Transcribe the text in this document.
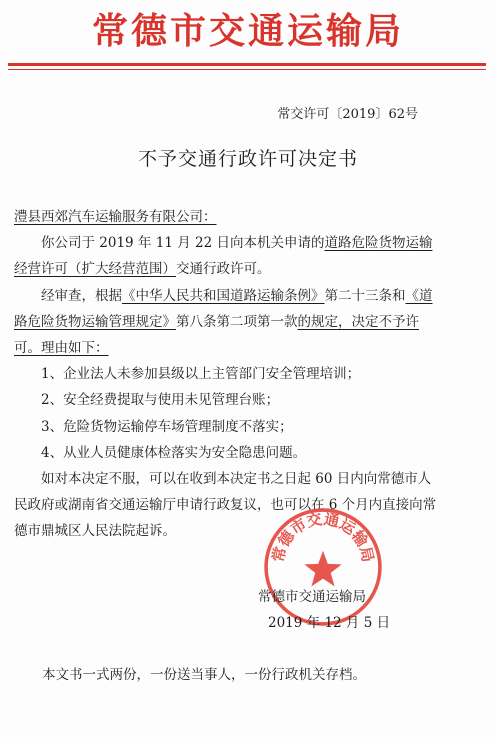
常德市交通运输局
常交许可〔2019〕62号
不予交通行政许可决定书

澧县西郊汽车运输服务有限公司：

你公司于 2019 年 11 月 22 日向本机关申请的道路危险货物运输经营许可（扩大经营范围）交通行政许可。

经审查，根据《中华人民共和国道路运输条例》第二十三条和《道路危险货物运输管理规定》第八条第二项第一款的规定，决定不予许可。理由如下：

1、企业法人未参加县级以上主管部门安全管理培训；

2、安全经费提取与使用未见管理台账；

3、危险货物运输停车场管理制度不落实；

4、从业人员健康体检落实为安全隐患问题。

如对本决定不服，可以在收到本决定书之日起 60 日内向常德市人民政府或湖南省交通运输厅申请行政复议，也可以在 6 个月内直接向常德市鼎城区人民法院起诉。

常德市交通运输局
常德市交通运输局
2019 年 12 月 5 日
本文书一式两份，一份送当事人，一份行政机关存档。
